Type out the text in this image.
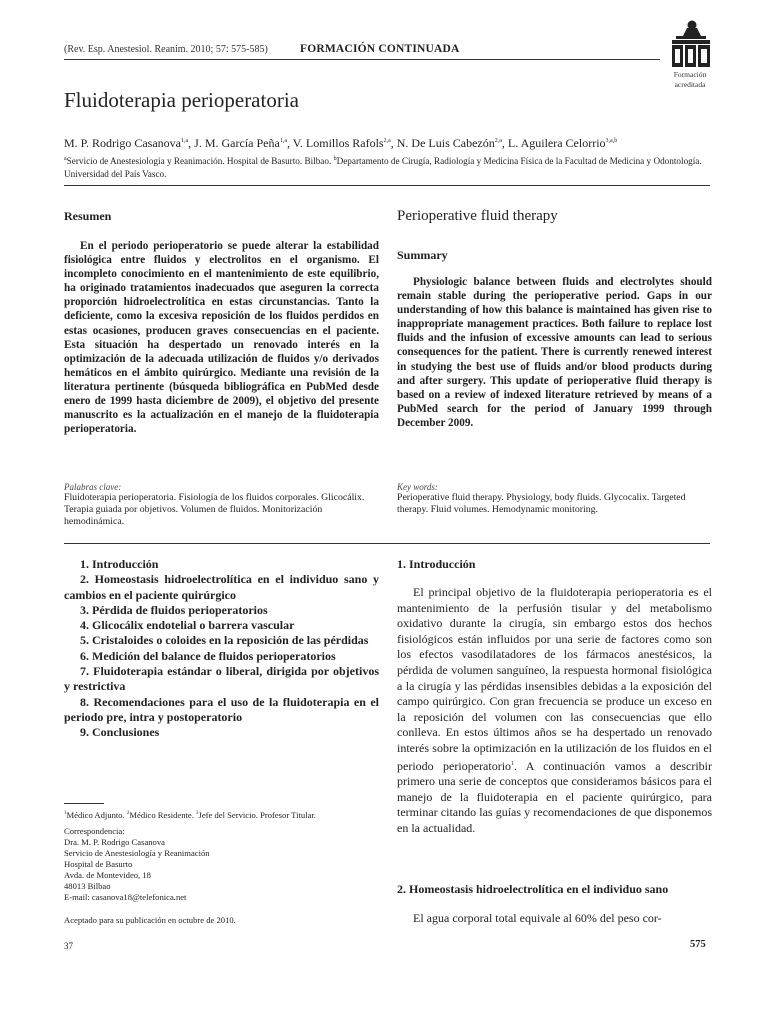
(Rev. Esp. Anestesiol. Reanim. 2010; 57: 575-585)	FORMACIÓN CONTINUADA
Formación
acreditada
Fluidoterapia perioperatoria
M. P. Rodrigo Casanova$^{1,a}$, J. M. García Peña$^{1,a}$, V. Lomillos Rafols$^{2,a}$, N. De Luis Cabezón$^{2,a}$, L. Aguilera Celorrio$^{3,a,b}$
$^a$Servicio de Anestesiología y Reanimación. Hospital de Basurto. Bilbao. $^b$Departamento de Cirugía, Radiología y Medicina Física de la Facultad de Medicina y Odontología. Universidad del País Vasco.
Resumen

En el periodo perioperatorio se puede alterar la estabilidad fisiológica entre fluidos y electrolitos en el organismo. El incompleto conocimiento en el mantenimiento de este equilibrio, ha originado tratamientos inadecuados que aseguren la correcta proporción hidroelectrolítica en estas circunstancias. Tanto la deficiente, como la excesiva reposición de los fluidos perdidos en estas ocasiones, producen graves consecuencias en el paciente. Esta situación ha despertado un renovado interés en la optimización de la adecuada utilización de fluidos y/o derivados hemáticos en el ámbito quirúrgico. Mediante una revisión de la literatura pertinente (búsqueda bibliográfica en PubMed desde enero de 1999 hasta diciembre de 2009), el objetivo del presente manuscrito es la actualización en el manejo de la fluidoterapia perioperatoria.

Palabras clave:
Fluidoterapia perioperatoria. Fisiología de los fluidos corporales. Glicocálix. Terapia guiada por objetivos. Volumen de fluidos. Monitorización hemodinámica.
Perioperative fluid therapy
Summary

Physiologic balance between fluids and electrolytes should remain stable during the perioperative period. Gaps in our understanding of how this balance is maintained has given rise to inappropriate management practices. Both failure to replace lost fluids and the infusion of excessive amounts can lead to serious consequences for the patient. There is currently renewed interest in studying the best use of fluids and/or blood products during and after surgery. This update of perioperative fluid therapy is based on a review of indexed literature retrieved by means of a PubMed search for the period of January 1999 through December 2009.

Key words:
Perioperative fluid therapy. Physiology, body fluids. Glycocalix. Targeted therapy. Fluid volumes. Hemodynamic monitoring.
1. Introducción
2. Homeostasis hidroelectrolítica en el individuo sano y cambios en el paciente quirúrgico
3. Pérdida de fluidos perioperatorios
4. Glicocálix endotelial o barrera vascular
5. Cristaloides o coloides en la reposición de las pérdidas
6. Medición del balance de fluidos perioperatorios
7. Fluidoterapia estándar o liberal, dirigida por objetivos y restrictiva
8. Recomendaciones para el uso de la fluidoterapia en el periodo pre, intra y postoperatorio
9. Conclusiones
$^1$Médico Adjunto. $^2$Médico Residente. $^3$Jefe del Servicio. Profesor Titular.
Correspondencia:
Dra. M. P. Rodrigo Casanova
Servicio de Anestesiología y Reanimación
Hospital de Basurto
Avda. de Montevideo, 18
48013 Bilbao
E-mail: casanova18@telefonica.net
Aceptado para su publicación en octubre de 2010.
37
1. Introducción

El principal objetivo de la fluidoterapia perioperatoria es el mantenimiento de la perfusión tisular y del metabolismo oxidativo durante la cirugía, sin embargo estos dos hechos fisiológicos están influidos por una serie de factores como son los efectos vasodilatadores de los fármacos anestésicos, la pérdida de volumen sanguíneo, la respuesta hormonal fisiológica a la cirugía y las pérdidas insensibles debidas a la exposición del campo quirúrgico. Con gran frecuencia se produce un exceso en la reposición del volumen con las consecuencias que ello conlleva. En estos últimos años se ha despertado un renovado interés sobre la optimización en la utilización de los fluidos en el periodo perioperatorio$^1$. A continuación vamos a describir primero una serie de conceptos que consideramos básicos para el manejo de la fluidoterapia en el paciente quirúrgico, para terminar citando las guías y recomendaciones de que disponemos en la actualidad.

2. Homeostasis hidroelectrolítica en el individuo sano

El agua corporal total equivale al 60% del peso cor-

575
